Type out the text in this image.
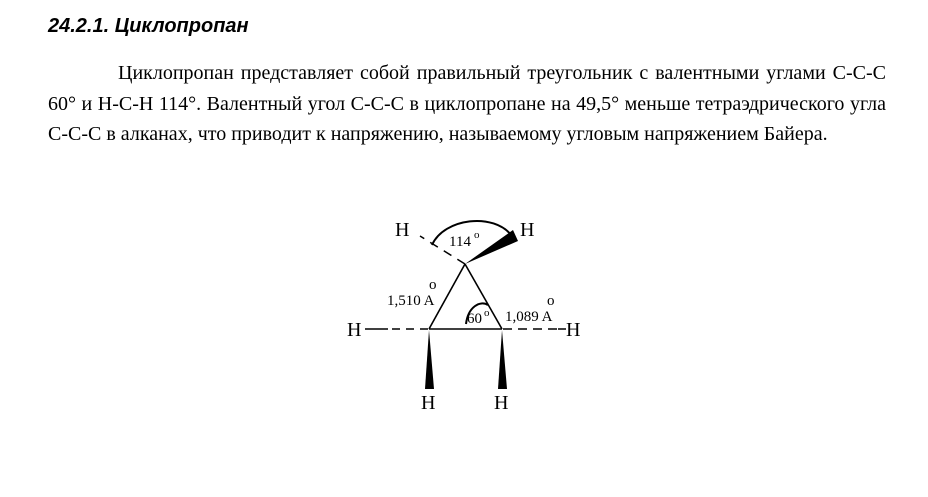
24.2.1. Циклопропан

Циклопропан представляет собой правильный треугольник с валентными углами С-С-С 60° и Н-С-Н 114°. Валентный угол С-С-С в циклопропане на 49,5° меньше тетраэдрического угла С-С-С в алканах, что приводит к напряжению, называемому угловым напряжением Байера.

H	H
H	H
H	H
114 o
60 o
o
1,510 A	o
1,089 A
